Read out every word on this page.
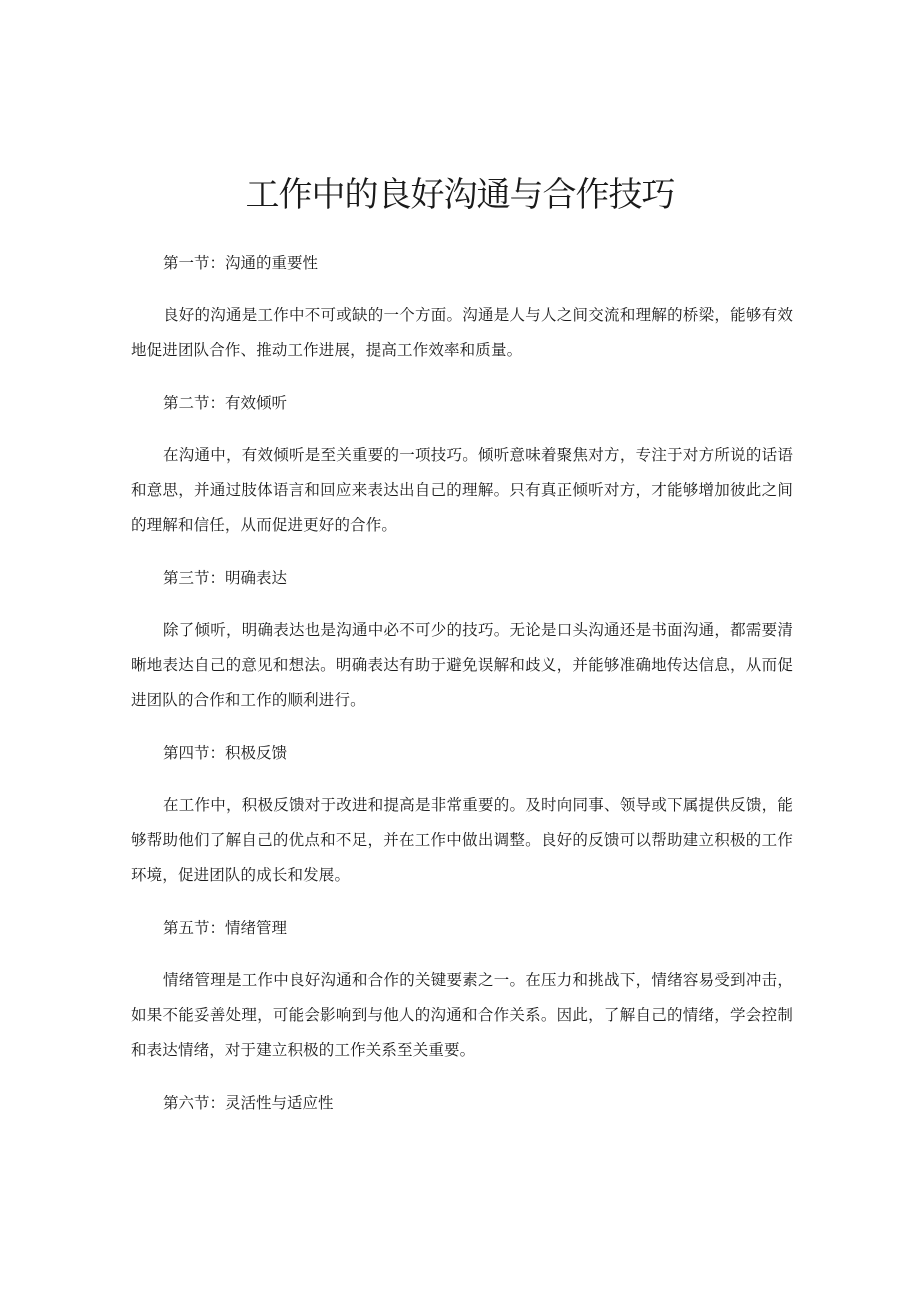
工作中的良好沟通与合作技巧

第一节：沟通的重要性

良好的沟通是工作中不可或缺的一个方面。沟通是人与人之间交流和理解的桥梁，能够有效地促进团队合作、推动工作进展，提高工作效率和质量。

第二节：有效倾听

在沟通中，有效倾听是至关重要的一项技巧。倾听意味着聚焦对方，专注于对方所说的话语和意思，并通过肢体语言和回应来表达出自己的理解。只有真正倾听对方，才能够增加彼此之间的理解和信任，从而促进更好的合作。

第三节：明确表达

除了倾听，明确表达也是沟通中必不可少的技巧。无论是口头沟通还是书面沟通，都需要清晰地表达自己的意见和想法。明确表达有助于避免误解和歧义，并能够准确地传达信息，从而促进团队的合作和工作的顺利进行。

第四节：积极反馈

在工作中，积极反馈对于改进和提高是非常重要的。及时向同事、领导或下属提供反馈，能够帮助他们了解自己的优点和不足，并在工作中做出调整。良好的反馈可以帮助建立积极的工作环境，促进团队的成长和发展。

第五节：情绪管理

情绪管理是工作中良好沟通和合作的关键要素之一。在压力和挑战下，情绪容易受到冲击，如果不能妥善处理，可能会影响到与他人的沟通和合作关系。因此，了解自己的情绪，学会控制和表达情绪，对于建立积极的工作关系至关重要。

第六节：灵活性与适应性
